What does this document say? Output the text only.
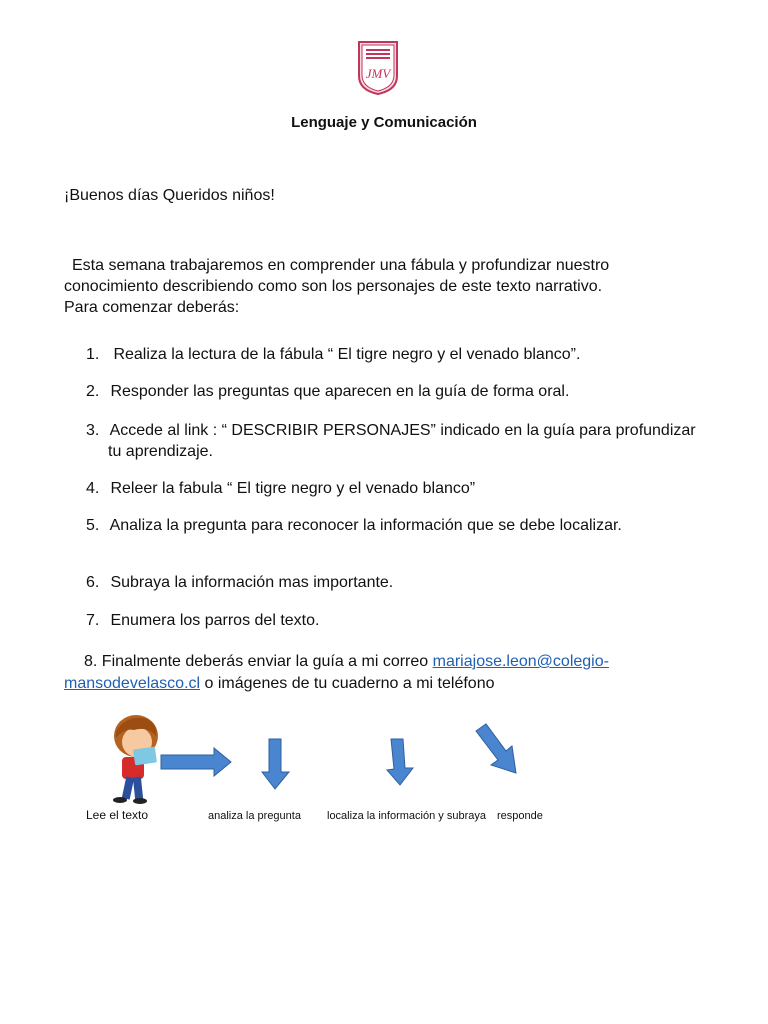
JMV
Lenguaje y Comunicación
¡Buenos días Queridos niños!
Esta semana trabajaremos en comprender una fábula y profundizar nuestro
conocimiento describiendo como son los personajes de este texto narrativo.
Para comenzar deberás:
1. Realiza la lectura de la fábula “ El tigre negro y el venado blanco”.
2. Responder las preguntas que aparecen en la guía de forma oral.
3. Accede al link : “ DESCRIBIR PERSONAJES” indicado en la guía para profundizar
tu aprendizaje.
4. Releer la fabula “ El tigre negro y el venado blanco”
5. Analiza la pregunta para reconocer la información que se debe localizar.
6. Subraya la información mas importante.
7. Enumera los parros del texto.
8. Finalmente deberás enviar la guía a mi correo mariajose.leon@colegio-
mansodevelasco.cl o imágenes de tu cuaderno a mi teléfono
Lee el texto	analiza la pregunta localiza la información y subraya responde
